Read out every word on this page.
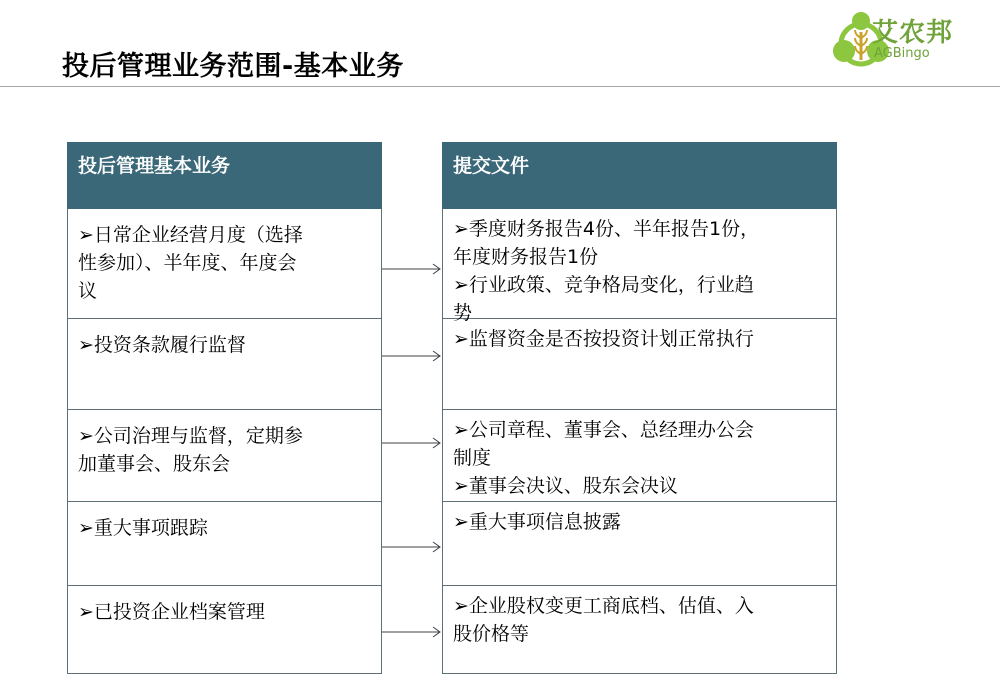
投后管理业务范围-基本业务
艾农邦
AGBingo
投后管理基本业务
➢日常企业经营月度（选择
性参加）、半年度、年度会
议
➢投资条款履行监督
➢公司治理与监督，定期参
加董事会、股东会
➢重大事项跟踪
➢已投资企业档案管理
提交文件
➢季度财务报告4份、半年报告1份，
年度财务报告1份
➢行业政策、竞争格局变化，行业趋
势
➢监督资金是否按投资计划正常执行
➢公司章程、董事会、总经理办公会
制度
➢董事会决议、股东会决议
➢重大事项信息披露
➢企业股权变更工商底档、估值、入
股价格等
